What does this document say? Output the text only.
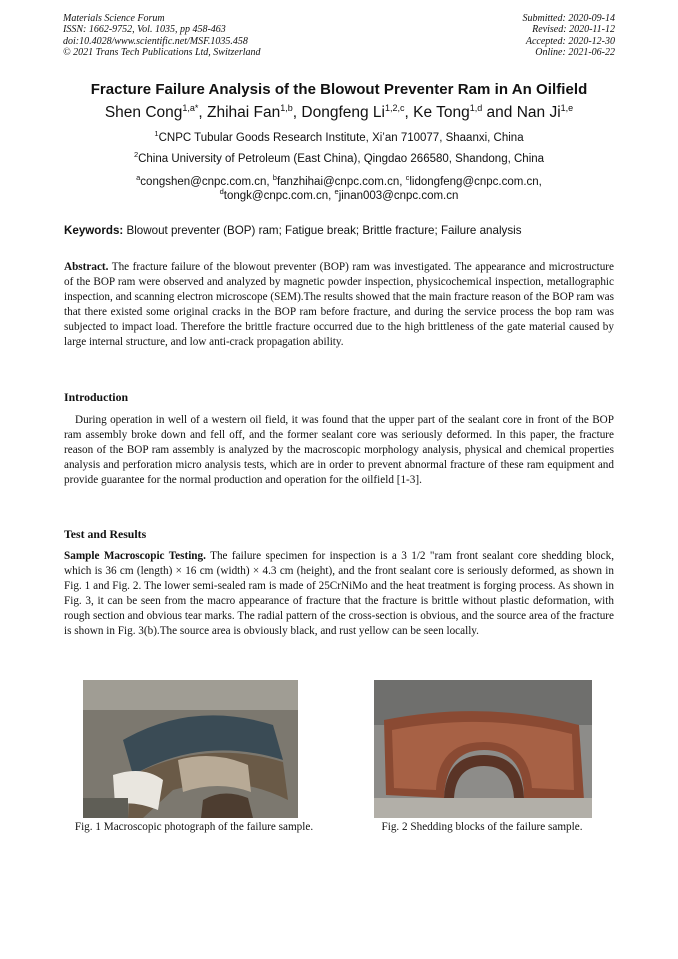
Materials Science Forum
ISSN: 1662-9752, Vol. 1035, pp 458-463
doi:10.4028/www.scientific.net/MSF.1035.458
© 2021 Trans Tech Publications Ltd, Switzerland
Submitted: 2020-09-14
Revised: 2020-11-12
Accepted: 2020-12-30
Online: 2021-06-22
Fracture Failure Analysis of the Blowout Preventer Ram in An Oilfield
Shen Cong$^{1,a*}$, Zhihai Fan$^{1,b}$, Dongfeng Li$^{1,2,c}$, Ke Tong$^{1,d}$ and Nan Ji$^{1,e}$
$^1$CNPC Tubular Goods Research Institute, Xi’an 710077, Shaanxi, China
$^2$China University of Petroleum (East China), Qingdao 266580, Shandong, China
$^a$congshen@cnpc.com.cn, $^b$fanzhihai@cnpc.com.cn, $^c$lidongfeng@cnpc.com.cn,
$^d$tongk@cnpc.com.cn, $^e$jinan003@cnpc.com.cn
Keywords: Blowout preventer (BOP) ram; Fatigue break; Brittle fracture; Failure analysis
Abstract. The fracture failure of the blowout preventer (BOP) ram was investigated. The appearance and microstructure of the BOP ram were observed and analyzed by magnetic powder inspection, physicochemical inspection, metallographic inspection, and scanning electron microscope (SEM).The results showed that the main fracture reason of the BOP ram was that there existed some original cracks in the BOP ram before fracture, and during the service process the bop ram was subjected to impact load. Therefore the brittle fracture occurred due to the high brittleness of the gate material caused by large internal structure, and low anti-crack propagation ability.
Introduction
During operation in well of a western oil field, it was found that the upper part of the sealant core in front of the BOP ram assembly broke down and fell off, and the former sealant core was seriously deformed. In this paper, the fracture reason of the BOP ram assembly is analyzed by the macroscopic morphology analysis, physical and chemical properties analysis and perforation micro analysis tests, which are in order to prevent abnormal fracture of these ram equipment and provide guarantee for the normal production and operation for the oilfield [1-3].
Test and Results
Sample Macroscopic Testing. The failure specimen for inspection is a 3 1/2 "ram front sealant core shedding block, which is 36 cm (length) × 16 cm (width) × 4.3 cm (height), and the front sealant core is seriously deformed, as shown in Fig. 1 and Fig. 2. The lower semi-sealed ram is made of 25CrNiMo and the heat treatment is forging process. As shown in Fig. 3, it can be seen from the macro appearance of fracture that the fracture is brittle without plastic deformation, with rough section and obvious tear marks. The radial pattern of the cross-section is obvious, and the source area of the fracture is shown in Fig. 3(b).The source area is obviously black, and rust yellow can be seen locally.
Fig. 1 Macroscopic photograph of the failure sample.	Fig. 2 Shedding blocks of the failure sample.
